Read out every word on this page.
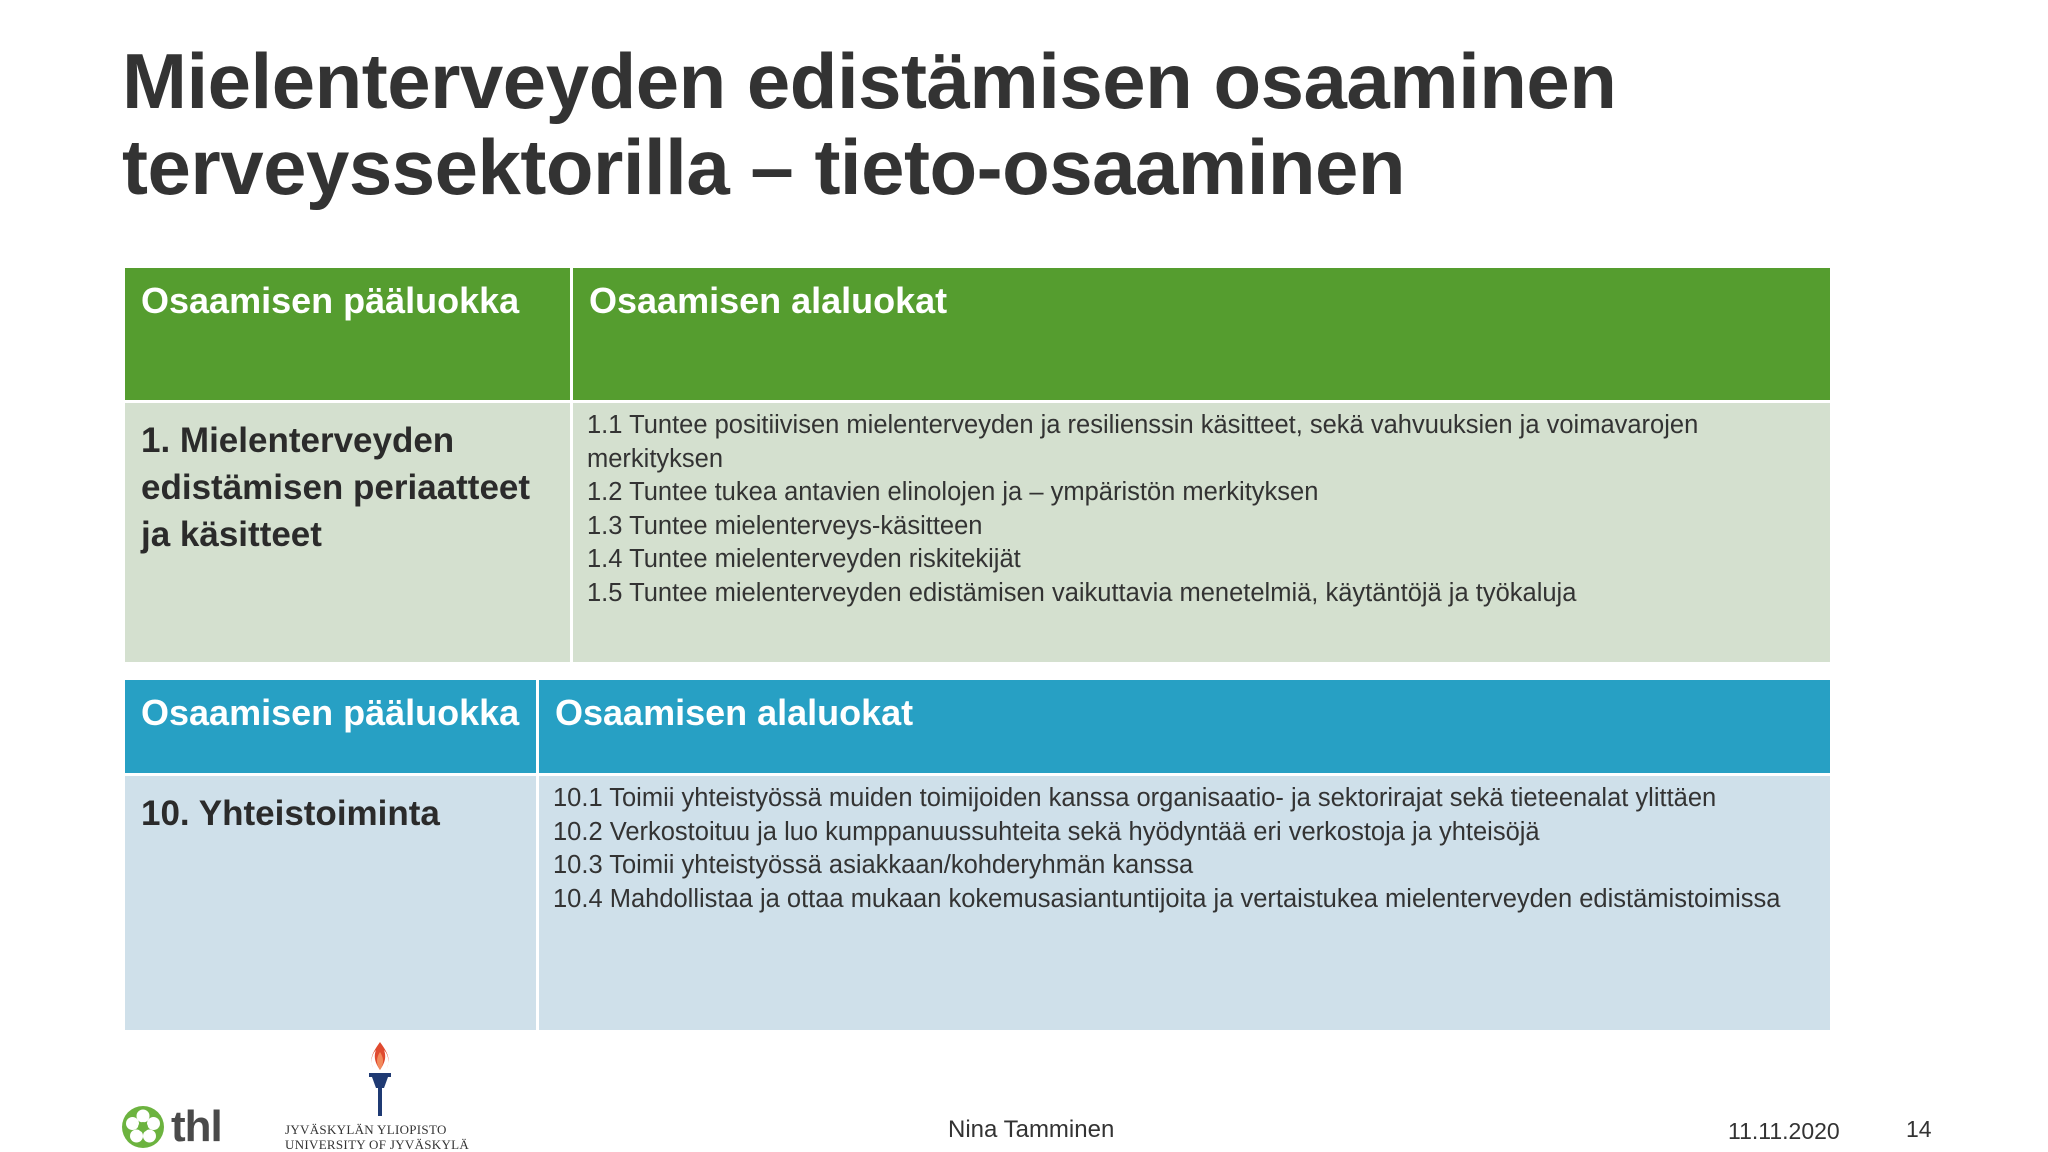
Mielenterveyden edistämisen osaaminen
terveyssektorilla – tieto-osaaminen
Osaamisen pääluokka	Osaamisen alaluokat
1. Mielenterveyden edistämisen periaatteet ja käsitteet	1.1 Tuntee positiivisen mielenterveyden ja resilienssin käsitteet, sekä vahvuuksien ja voimavarojen merkityksen
1.2 Tuntee tukea antavien elinolojen ja – ympäristön merkityksen
1.3 Tuntee mielenterveys-käsitteen
1.4 Tuntee mielenterveyden riskitekijät
1.5 Tuntee mielenterveyden edistämisen vaikuttavia menetelmiä, käytäntöjä ja työkaluja
Osaamisen pääluokka	Osaamisen alaluokat
10. Yhteistoiminta	10.1 Toimii yhteistyössä muiden toimijoiden kanssa organisaatio- ja sektorirajat sekä tieteenalat ylittäen
10.2 Verkostoituu ja luo kumppanuussuhteita sekä hyödyntää eri verkostoja ja yhteisöjä
10.3 Toimii yhteistyössä asiakkaan/kohderyhmän kanssa
10.4 Mahdollistaa ja ottaa mukaan kokemusasiantuntijoita ja vertaistukea mielenterveyden edistämistoimissa
thl	JYVÄSKYLÄN YLIOPISTO
UNIVERSITY OF JYVÄSKYLÄ
Nina Tamminen	11.11.2020	14
